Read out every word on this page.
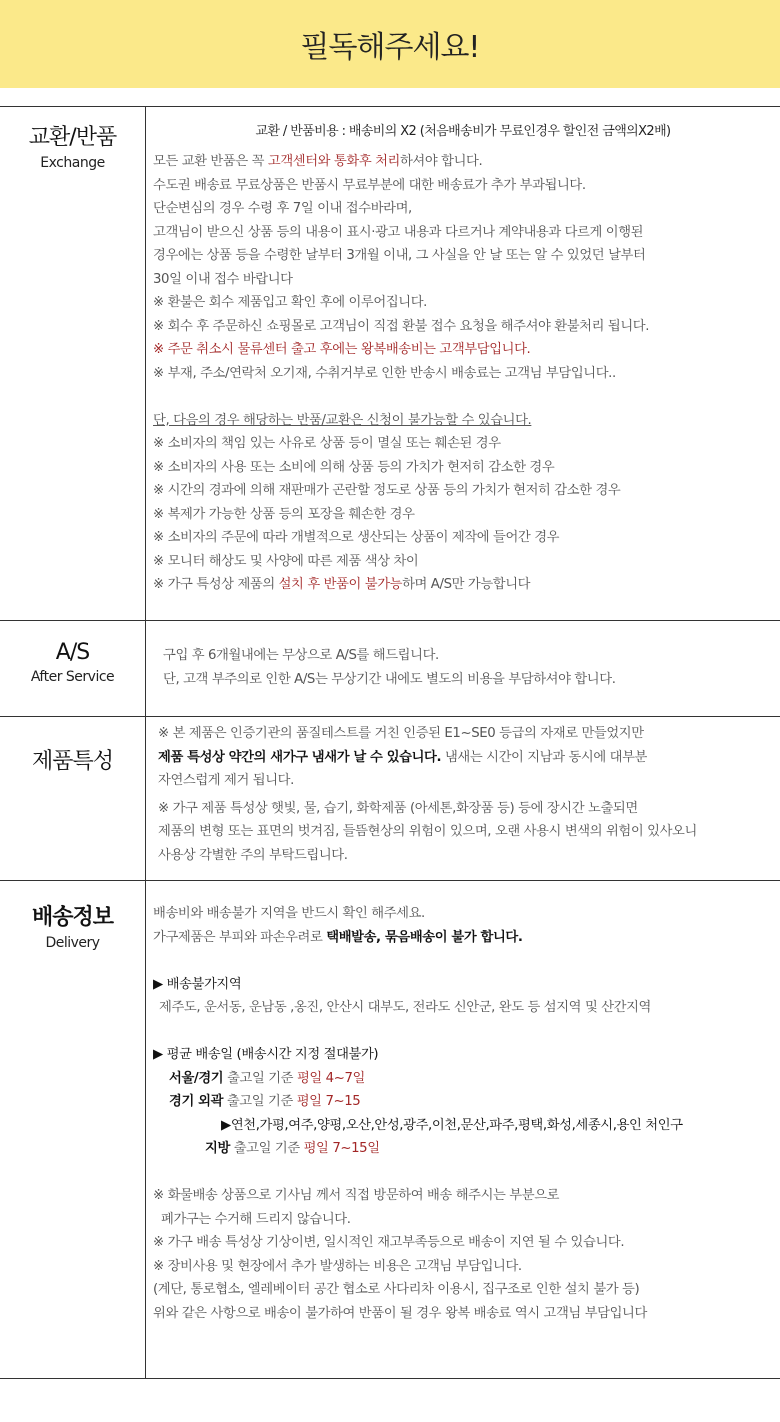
필독해주세요!
교환/반품
Exchange
교환 / 반품비용 : 배송비의 X2 (처음배송비가 무료인경우 할인전 금액의X2배)
모든 교환 반품은 꼭 고객센터와 통화후 처리하셔야 합니다.
수도권 배송료 무료상품은 반품시 무료부분에 대한 배송료가 추가 부과됩니다.
단순변심의 경우 수령 후 7일 이내 접수바라며,
고객님이 받으신 상품 등의 내용이 표시·광고 내용과 다르거나 계약내용과 다르게 이행된
경우에는 상품 등을 수령한 날부터 3개월 이내, 그 사실을 안 날 또는 알 수 있었던 날부터
30일 이내 접수 바랍니다
※ 환불은 회수 제품입고 확인 후에 이루어집니다.
※ 회수 후 주문하신 쇼핑몰로 고객님이 직접 환불 접수 요청을 해주셔야 환불처리 됩니다.
※ 주문 취소시 물류센터 출고 후에는 왕복배송비는 고객부담입니다.
※ 부재, 주소/연락처 오기재, 수취거부로 인한 반송시 배송료는 고객님 부담입니다..
단, 다음의 경우 해당하는 반품/교환은 신청이 불가능할 수 있습니다.
※ 소비자의 책임 있는 사유로 상품 등이 멸실 또는 훼손된 경우
※ 소비자의 사용 또는 소비에 의해 상품 등의 가치가 현저히 감소한 경우
※ 시간의 경과에 의해 재판매가 곤란할 정도로 상품 등의 가치가 현저히 감소한 경우
※ 복제가 가능한 상품 등의 포장을 훼손한 경우
※ 소비자의 주문에 따라 개별적으로 생산되는 상품이 제작에 들어간 경우
※ 모니터 해상도 및 사양에 따른 제품 색상 차이
※ 가구 특성상 제품의 설치 후 반품이 불가능하며 A/S만 가능합니다
A/S
After Service
구입 후 6개월내에는 무상으로 A/S를 해드립니다.
단, 고객 부주의로 인한 A/S는 무상기간 내에도 별도의 비용을 부담하셔야 합니다.
제품특성
※ 본 제품은 인증기관의 품질테스트를 거친 인증된 E1~SE0 등급의 자재로 만들었지만
제품 특성상 약간의 새가구 냄새가 날 수 있습니다. 냄새는 시간이 지남과 동시에 대부분
자연스럽게 제거 됩니다.
※ 가구 제품 특성상 햇빛, 물, 습기, 화학제품 (아세톤,화장품 등) 등에 장시간 노출되면
제품의 변형 또는 표면의 벗겨짐, 들뜸현상의 위험이 있으며, 오랜 사용시 변색의 위험이 있사오니
사용상 각별한 주의 부탁드립니다.
배송정보
Delivery
배송비와 배송불가 지역을 반드시 확인 해주세요.
가구제품은 부피와 파손우려로 택배발송, 묶음배송이 불가 합니다.
▶ 배송불가지역
제주도, 운서동, 운남동 ,옹진, 안산시 대부도, 전라도 신안군, 완도 등 섬지역 및 산간지역
▶ 평균 배송일 (배송시간 지정 절대불가)
서울/경기 출고일 기준 평일 4~7일
경기 외곽 출고일 기준 평일 7~15
▶연천,가평,여주,양평,오산,안성,광주,이천,문산,파주,평택,화성,세종시,용인 처인구
지방 출고일 기준 평일 7~15일
※ 화물배송 상품으로 기사님 께서 직접 방문하여 배송 해주시는 부분으로
폐가구는 수거해 드리지 않습니다.
※ 가구 배송 특성상 기상이변, 일시적인 재고부족등으로 배송이 지연 될 수 있습니다.
※ 장비사용 및 현장에서 추가 발생하는 비용은 고객님 부담입니다.
(계단, 통로협소, 엘레베이터 공간 협소로 사다리차 이용시, 집구조로 인한 설치 불가 등)
위와 같은 사항으로 배송이 불가하여 반품이 될 경우 왕복 배송료 역시 고객님 부담입니다
